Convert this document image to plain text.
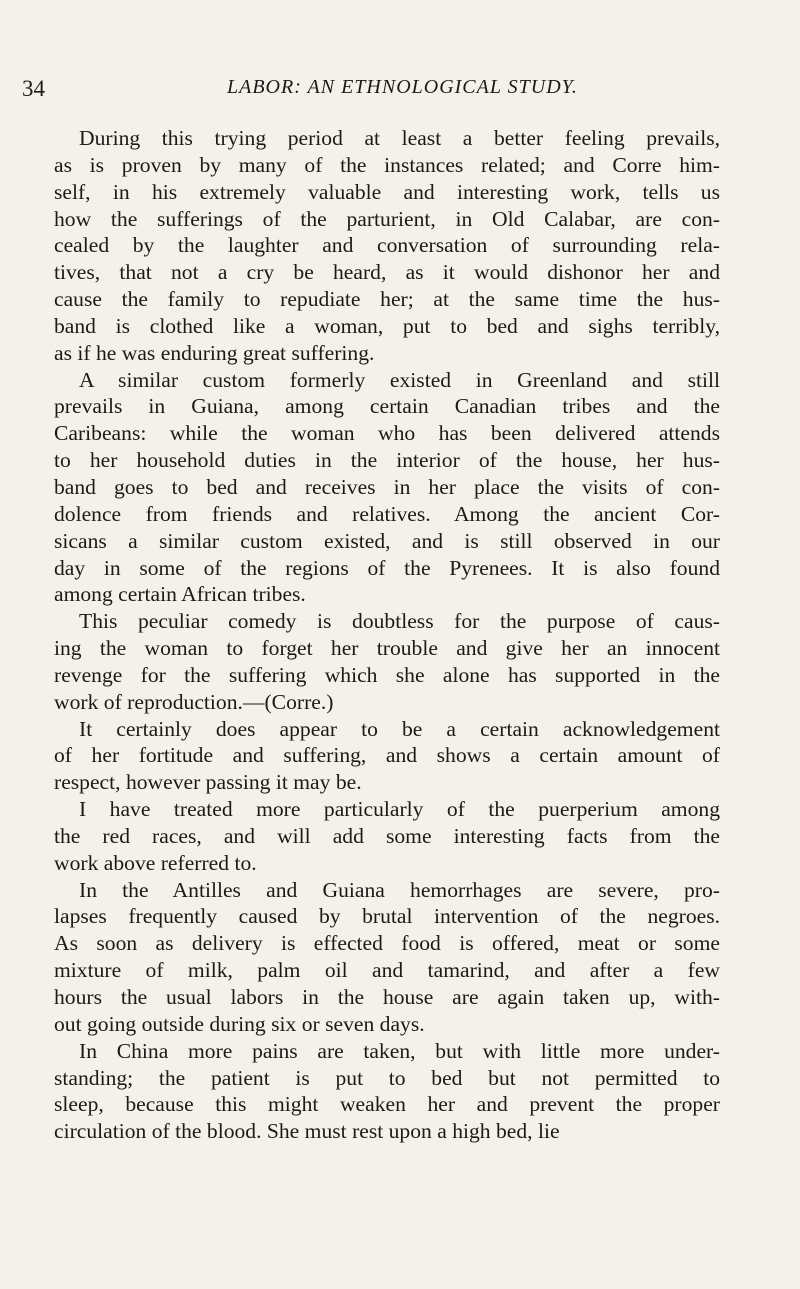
34	LABOR: AN ETHNOLOGICAL STUDY.
During this trying period at least a better feeling prevails,
as is proven by many of the instances related; and Corre him-
self, in his extremely valuable and interesting work, tells us
how the sufferings of the parturient, in Old Calabar, are con-
cealed by the laughter and conversation of surrounding rela-
tives, that not a cry be heard, as it would dishonor her and
cause the family to repudiate her; at the same time the hus-
band is clothed like a woman, put to bed and sighs terribly,
as if he was enduring great suffering.
A similar custom formerly existed in Greenland and still
prevails in Guiana, among certain Canadian tribes and the
Caribeans: while the woman who has been delivered attends
to her household duties in the interior of the house, her hus-
band goes to bed and receives in her place the visits of con-
dolence from friends and relatives. Among the ancient Cor-
sicans a similar custom existed, and is still observed in our
day in some of the regions of the Pyrenees. It is also found
among certain African tribes.
This peculiar comedy is doubtless for the purpose of caus-
ing the woman to forget her trouble and give her an innocent
revenge for the suffering which she alone has supported in the
work of reproduction.—(Corre.)
It certainly does appear to be a certain acknowledgement
of her fortitude and suffering, and shows a certain amount of
respect, however passing it may be.
I have treated more particularly of the puerperium among
the red races, and will add some interesting facts from the
work above referred to.
In the Antilles and Guiana hemorrhages are severe, pro-
lapses frequently caused by brutal intervention of the negroes.
As soon as delivery is effected food is offered, meat or some
mixture of milk, palm oil and tamarind, and after a few
hours the usual labors in the house are again taken up, with-
out going outside during six or seven days.
In China more pains are taken, but with little more under-
standing; the patient is put to bed but not permitted to
sleep, because this might weaken her and prevent the proper
circulation of the blood. She must rest upon a high bed, lie
